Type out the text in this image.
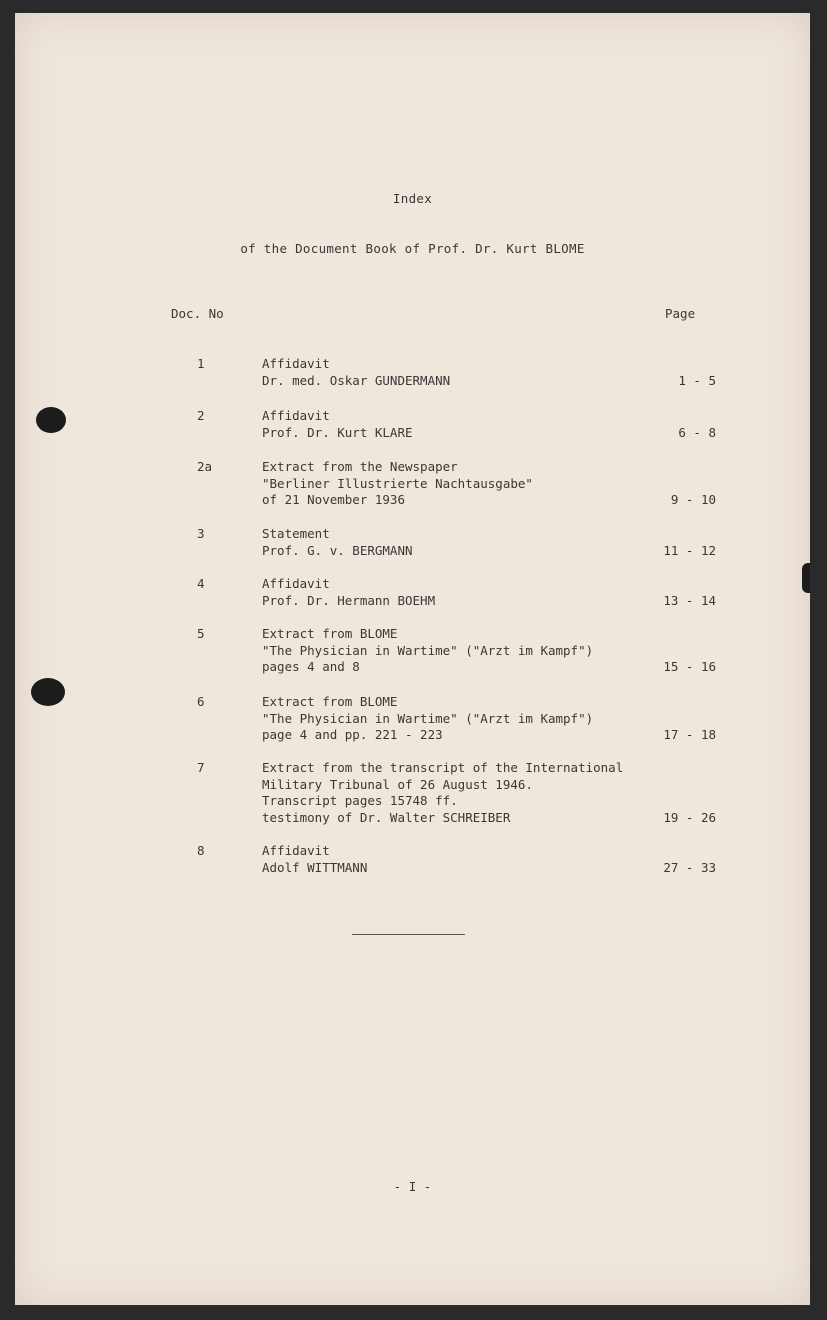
Index
of the Document Book of Prof. Dr. Kurt BLOME
Doc. No	Page
1	Affidavit
Dr. med. Oskar GUNDERMANN	1 - 5
2	Affidavit
Prof. Dr. Kurt KLARE	6 - 8
2a	Extract from the Newspaper
"Berliner Illustrierte Nachtausgabe"
of 21 November 1936	9 - 10
3	Statement
Prof. G. v. BERGMANN	11 - 12
4	Affidavit
Prof. Dr. Hermann BOEHM	13 - 14
5	Extract from BLOME
"The Physician in Wartime" ("Arzt im Kampf")
pages 4 and 8	15 - 16
6	Extract from BLOME
"The Physician in Wartime" ("Arzt im Kampf")
page 4 and pp. 221 - 223	17 - 18
7	Extract from the transcript of the International
Military Tribunal of 26 August 1946.
Transcript pages 15748 ff.
testimony of Dr. Walter SCHREIBER	19 - 26
8	Affidavit
Adolf WITTMANN	27 - 33
- I -
